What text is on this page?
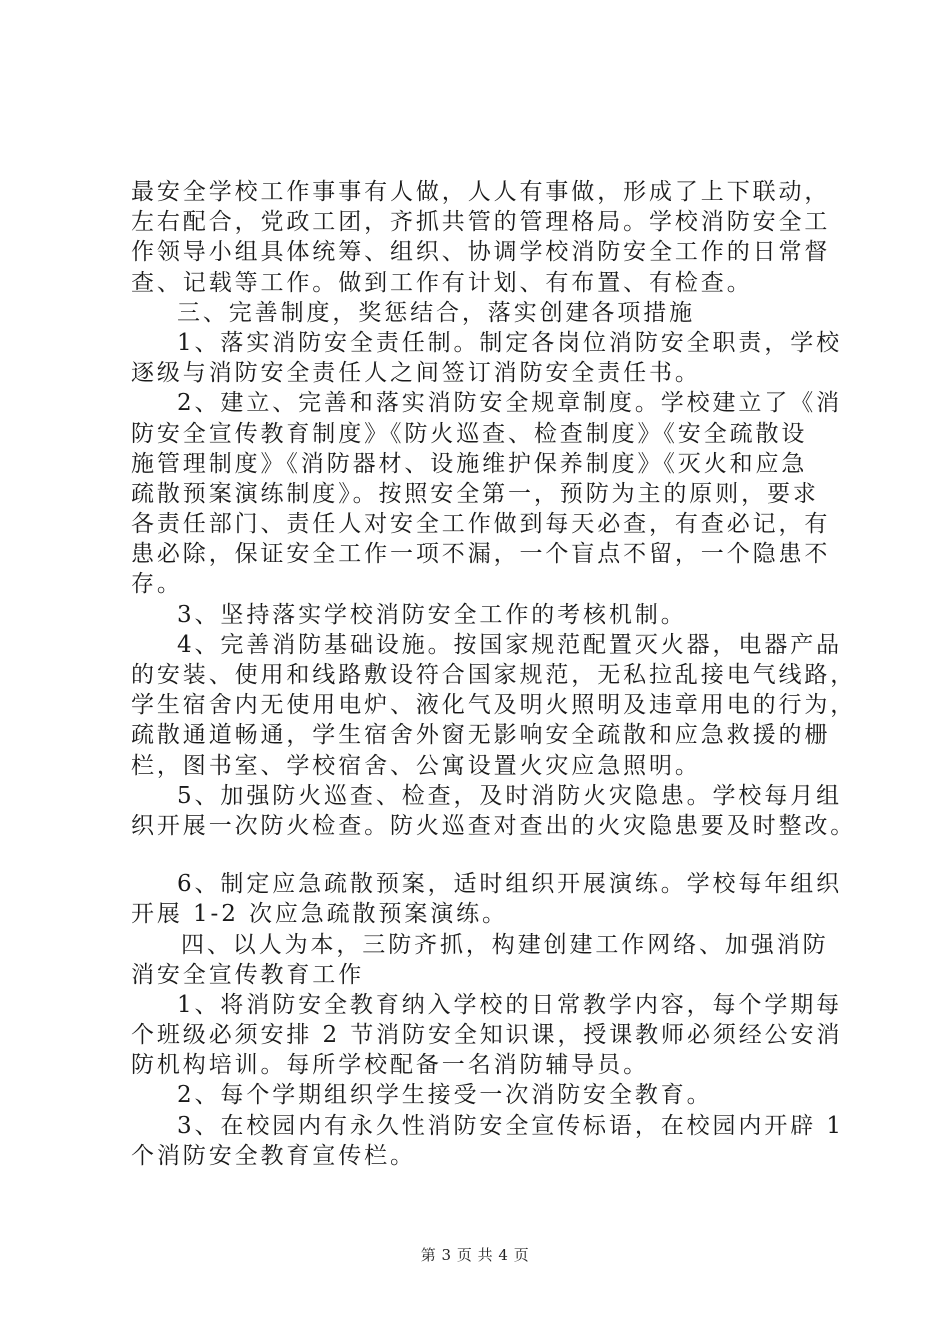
最安全学校工作事事有人做，人人有事做，形成了上下联动，
左右配合，党政工团，齐抓共管的管理格局。学校消防安全工
作领导小组具体统筹、组织、协调学校消防安全工作的日常督
查、记载等工作。做到工作有计划、有布置、有检查。
三、完善制度，奖惩结合，落实创建各项措施
1、落实消防安全责任制。制定各岗位消防安全职责，学校
逐级与消防安全责任人之间签订消防安全责任书。
2、建立、完善和落实消防安全规章制度。学校建立了《消
防安全宣传教育制度》《防火巡查、检查制度》《安全疏散设
施管理制度》《消防器材、设施维护保养制度》《灭火和应急
疏散预案演练制度》。按照安全第一，预防为主的原则，要求
各责任部门、责任人对安全工作做到每天必查，有查必记，有
患必除，保证安全工作一项不漏，一个盲点不留，一个隐患不
存。
3、坚持落实学校消防安全工作的考核机制。
4、完善消防基础设施。按国家规范配置灭火器，电器产品
的安装、使用和线路敷设符合国家规范，无私拉乱接电气线路，
学生宿舍内无使用电炉、液化气及明火照明及违章用电的行为，
疏散通道畅通，学生宿舍外窗无影响安全疏散和应急救援的栅
栏，图书室、学校宿舍、公寓设置火灾应急照明。
5、加强防火巡查、检查，及时消防火灾隐患。学校每月组
织开展一次防火检查。防火巡查对查出的火灾隐患要及时整改。
6、制定应急疏散预案，适时组织开展演练。学校每年组织
开展 1-2 次应急疏散预案演练。
四、以人为本，三防齐抓，构建创建工作网络、加强消防
消安全宣传教育工作
1、将消防安全教育纳入学校的日常教学内容，每个学期每
个班级必须安排 2 节消防安全知识课，授课教师必须经公安消
防机构培训。每所学校配备一名消防辅导员。
2、每个学期组织学生接受一次消防安全教育。
3、在校园内有永久性消防安全宣传标语，在校园内开辟 1
个消防安全教育宣传栏。
第 3 页 共 4 页
